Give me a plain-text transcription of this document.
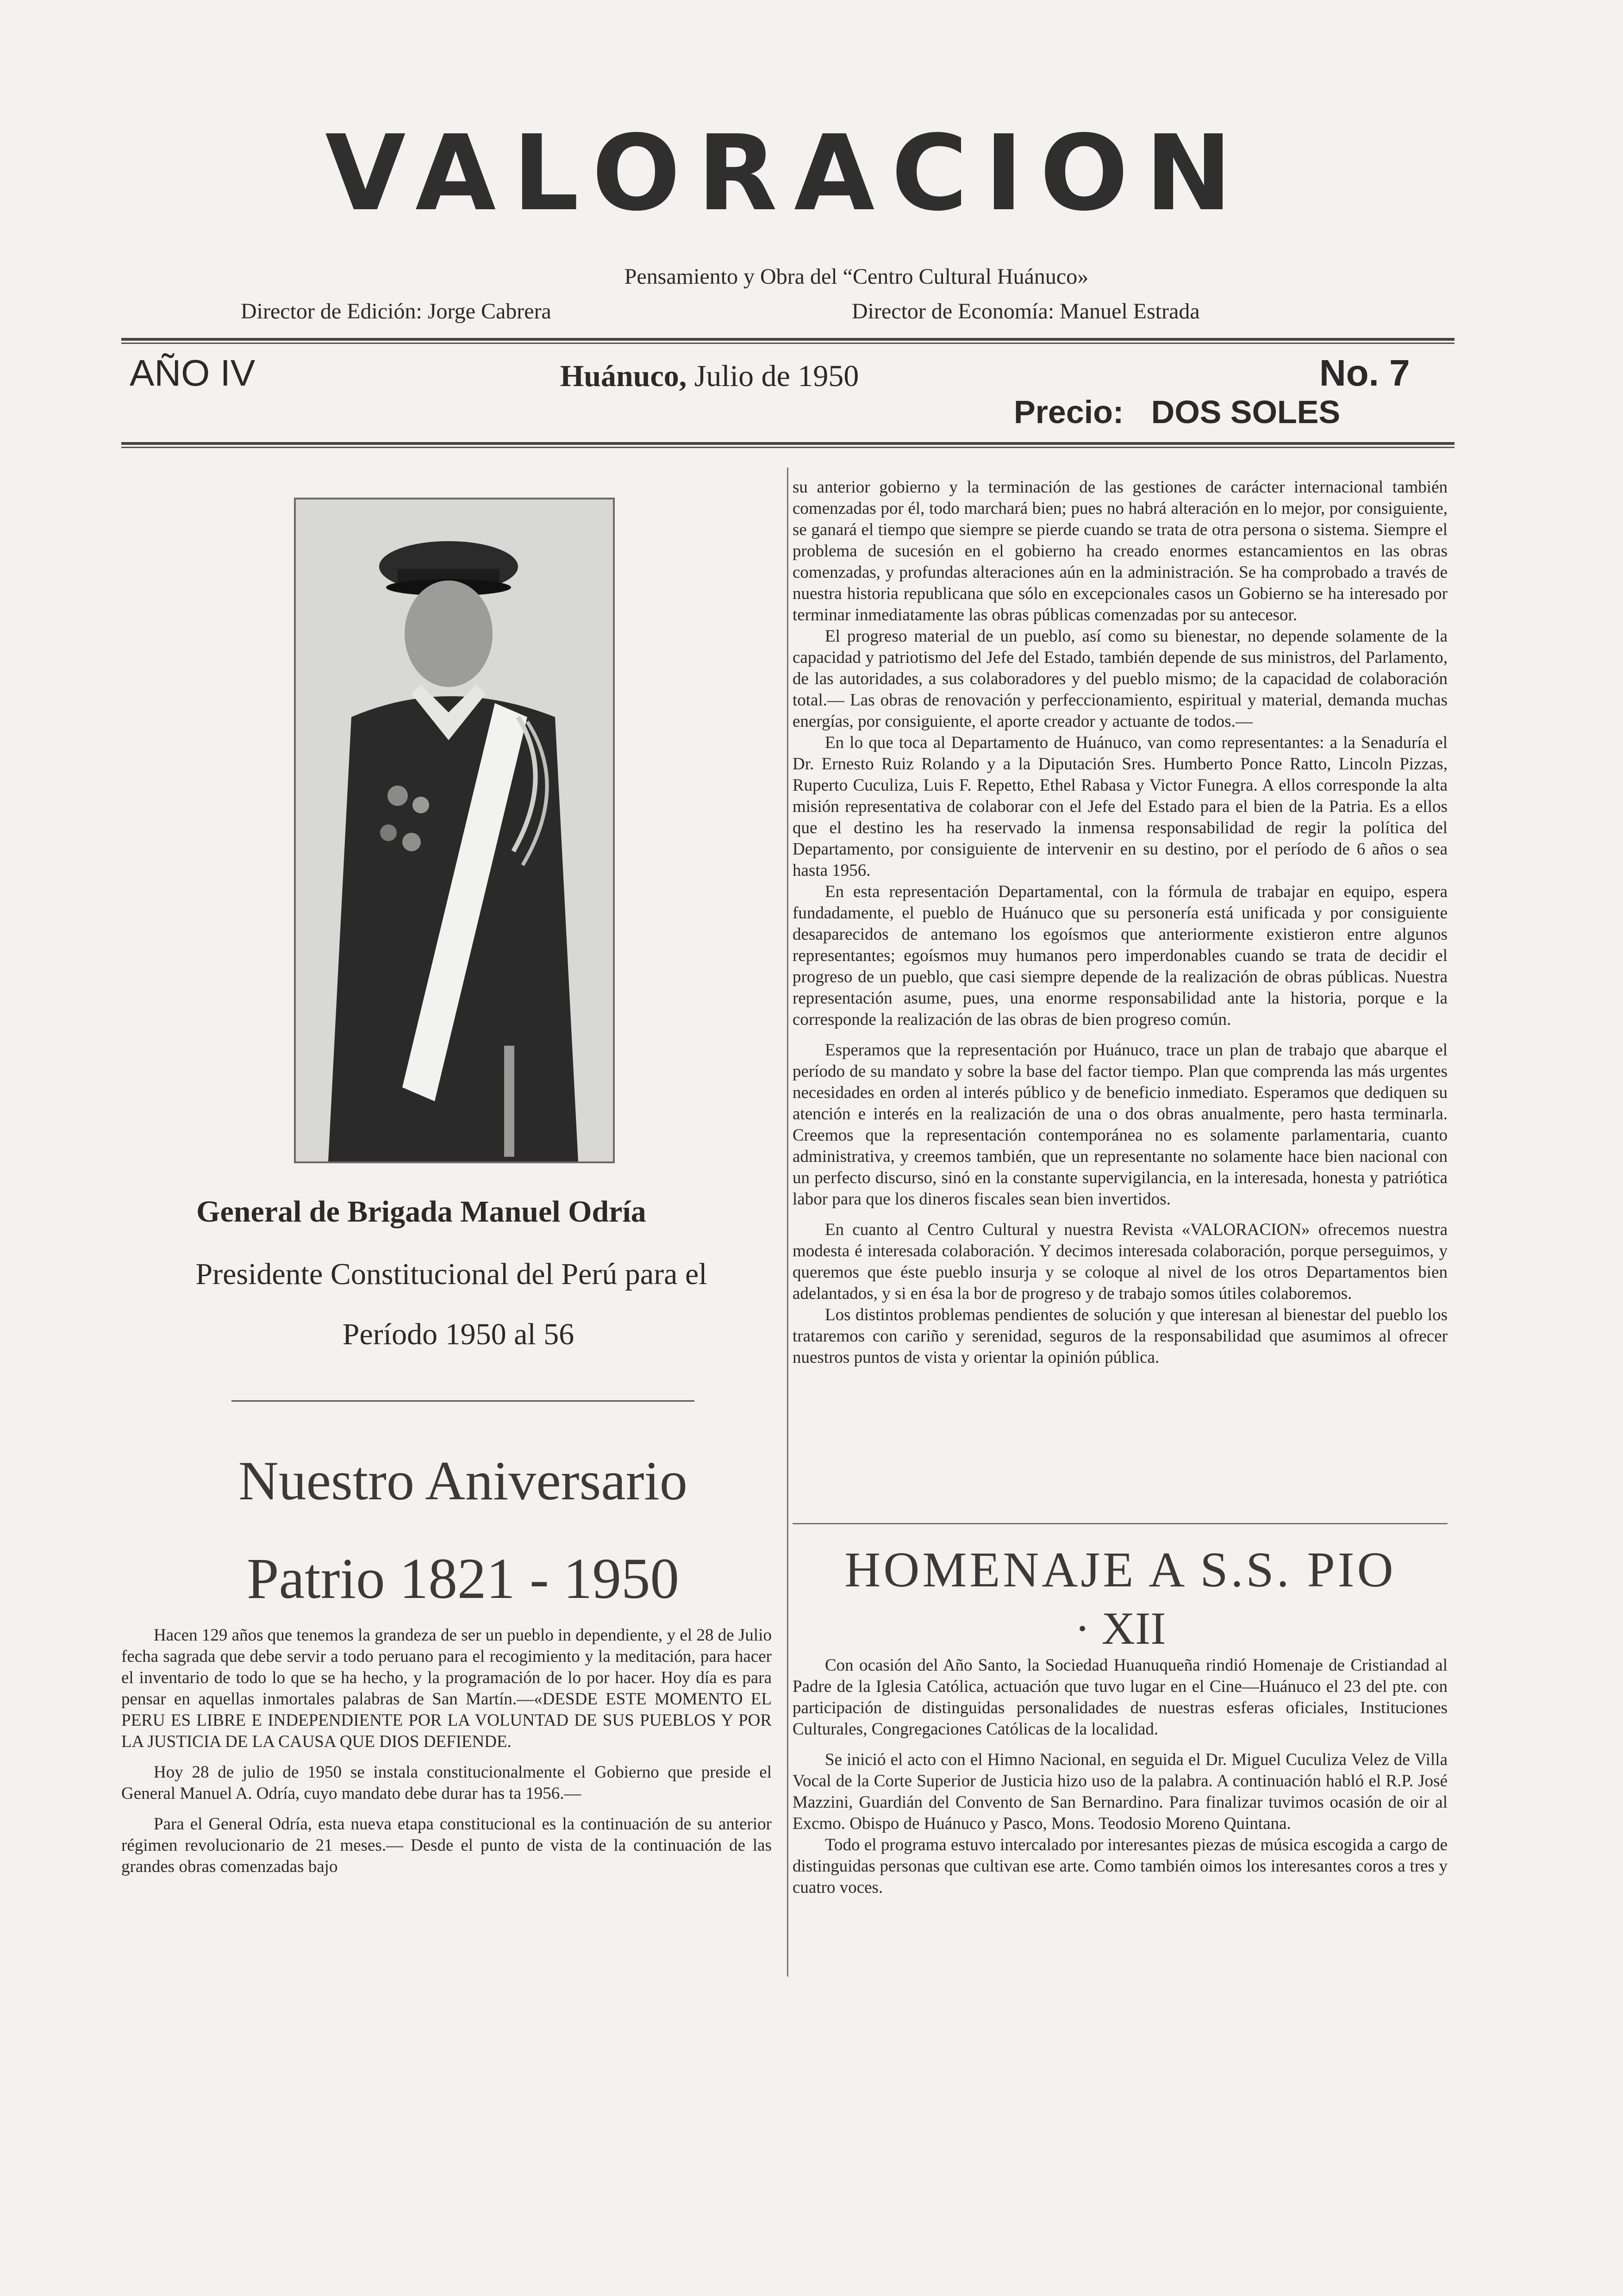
VALORACION
Pensamiento y Obra del “Centro Cultural Huánuco»
Director de Edición: Jorge Cabrera	Director de Economía: Manuel Estrada
AÑO IV	Huánuco, Julio de 1950	No. 7
Precio: DOS SOLES
General de Brigada Manuel Odría
Presidente Constitucional del Perú para el
Período 1950 al 56
Nuestro Aniversario
Patrio 1821 - 1950

Hacen 129 años que tenemos la grandeza de ser un pueblo in dependiente, y el 28 de Julio fecha sagrada que debe servir a todo peruano para el recogimiento y la meditación, para hacer el inventario de todo lo que se ha hecho, y la programación de lo por hacer. Hoy día es para pensar en aquellas inmortales palabras de San Martín.—«DESDE ESTE MOMENTO EL PERU ES LIBRE E INDEPENDIENTE POR LA VOLUNTAD DE SUS PUEBLOS Y POR LA JUSTICIA DE LA CAUSA QUE DIOS DEFIENDE.

Hoy 28 de julio de 1950 se instala constitucionalmente el Gobierno que preside el General Manuel A. Odría, cuyo mandato debe durar has ta 1956.—

Para el General Odría, esta nueva etapa constitucional es la continuación de su anterior régimen revolucionario de 21 meses.— Desde el punto de vista de la continuación de las grandes obras comenzadas bajo

su anterior gobierno y la terminación de las gestiones de carácter internacional también comenzadas por él, todo marchará bien; pues no habrá alteración en lo mejor, por consiguiente, se ganará el tiempo que siempre se pierde cuando se trata de otra persona o sistema. Siempre el problema de sucesión en el gobierno ha creado enormes estancamientos en las obras comenzadas, y profundas alteraciones aún en la administración. Se ha comprobado a través de nuestra historia republicana que sólo en excepcionales casos un Gobierno se ha interesado por terminar inmediatamente las obras públicas comenzadas por su antecesor.

El progreso material de un pueblo, así como su bienestar, no depende solamente de la capacidad y patriotismo del Jefe del Estado, también depende de sus ministros, del Parlamento, de las autoridades, a sus colaboradores y del pueblo mismo; de la capacidad de colaboración total.— Las obras de renovación y perfeccionamiento, espiritual y material, demanda muchas energías, por consiguiente, el aporte creador y actuante de todos.—

En lo que toca al Departamento de Huánuco, van como representantes: a la Senaduría el Dr. Ernesto Ruiz Rolando y a la Diputación Sres. Humberto Ponce Ratto, Lincoln Pizzas, Ruperto Cuculiza, Luis F. Repetto, Ethel Rabasa y Victor Funegra. A ellos corresponde la alta misión representativa de colaborar con el Jefe del Estado para el bien de la Patria. Es a ellos que el destino les ha reservado la inmensa responsabilidad de regir la política del Departamento, por consiguiente de intervenir en su destino, por el período de 6 años o sea hasta 1956.

En esta representación Departamental, con la fórmula de trabajar en equipo, espera fundadamente, el pueblo de Huánuco que su personería está unificada y por consiguiente desaparecidos de antemano los egoísmos que anteriormente existieron entre algunos representantes; egoísmos muy humanos pero imperdonables cuando se trata de decidir el progreso de un pueblo, que casi siempre depende de la realización de obras públicas. Nuestra representación asume, pues, una enorme responsabilidad ante la historia, porque e la corresponde la realización de las obras de bien progreso común.

Esperamos que la representación por Huánuco, trace un plan de trabajo que abarque el período de su mandato y sobre la base del factor tiempo. Plan que comprenda las más urgentes necesidades en orden al interés público y de beneficio inmediato. Esperamos que dediquen su atención e interés en la realización de una o dos obras anualmente, pero hasta terminarla. Creemos que la representación contemporánea no es solamente parlamentaria, cuanto administrativa, y creemos también, que un representante no solamente hace bien nacional con un perfecto discurso, sinó en la constante supervigilancia, en la interesada, honesta y patriótica labor para que los dineros fiscales sean bien invertidos.

En cuanto al Centro Cultural y nuestra Revista «VALORACION» ofrecemos nuestra modesta é interesada colaboración. Y decimos interesada colaboración, porque perseguimos, y queremos que éste pueblo insurja y se coloque al nivel de los otros Departamentos bien adelantados, y si en ésa la bor de progreso y de trabajo somos útiles colaboremos.

Los distintos problemas pendientes de solución y que interesan al bienestar del pueblo los trataremos con cariño y serenidad, seguros de la responsabilidad que asumimos al ofrecer nuestros puntos de vista y orientar la opinión pública.

HOMENAJE A S.S. PIO
· XII

Con ocasión del Año Santo, la Sociedad Huanuqueña rindió Homenaje de Cristiandad al Padre de la Iglesia Católica, actuación que tuvo lugar en el Cine—Huánuco el 23 del pte. con participación de distinguidas personalidades de nuestras esferas oficiales, Instituciones Culturales, Congregaciones Católicas de la localidad.

Se inició el acto con el Himno Nacional, en seguida el Dr. Miguel Cuculiza Velez de Villa Vocal de la Corte Superior de Justicia hizo uso de la palabra. A continuación habló el R.P. José Mazzini, Guardián del Convento de San Bernardino. Para finalizar tuvimos ocasión de oir al Excmo. Obispo de Huánuco y Pasco, Mons. Teodosio Moreno Quintana.

Todo el programa estuvo intercalado por interesantes piezas de música escogida a cargo de distinguidas personas que cultivan ese arte. Como también oimos los interesantes coros a tres y cuatro voces.
